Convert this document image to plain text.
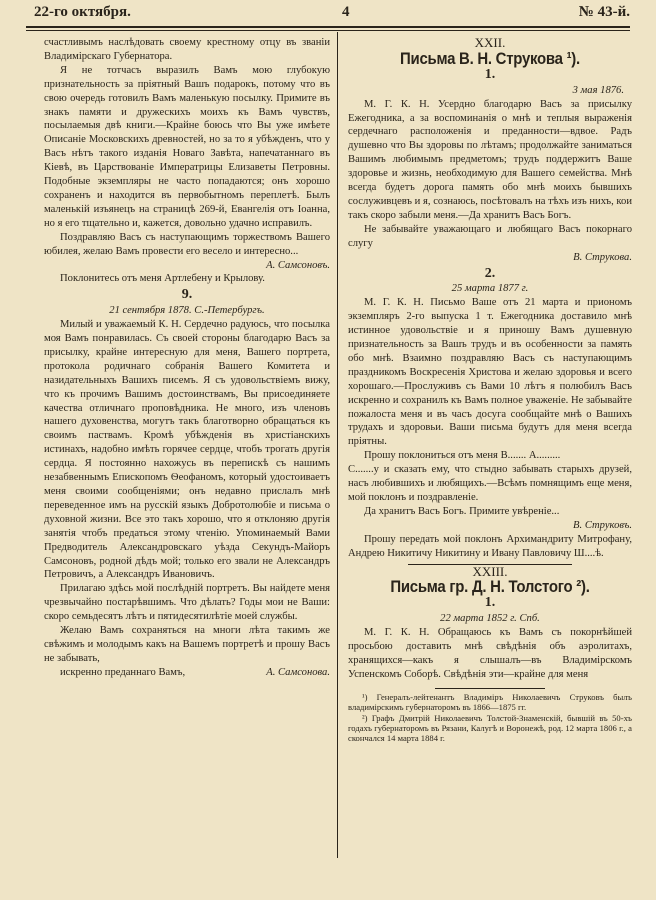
22-го октября.	4	№ 43-й.

счастливымъ наслѣдовать своему крестному отцу въ званіи Владимірскаго Губернатора.

Я не тотчасъ выразилъ Вамъ мою глубокую признательность за пріятный Вашъ подарокъ, потому что въ свою очередь готовилъ Вамъ маленькую посылку. Примите въ знакъ памяти и дружескихъ моихъ къ Вамъ чувствъ, посылаемыя двѣ книги.—Крайне боюсь что Вы уже имѣете Описаніе Московскихъ древностей, но за то я убѣжденъ, что у Васъ нѣтъ такого изданія Новаго Завѣта, напечатаннаго въ Кіевѣ, въ Царствованіе Императрицы Елизаветы Петровны. Подобные экземпляры не часто попадаются; онъ хорошо сохраненъ и находится въ первобытномъ переплетѣ. Былъ маленькій изъянецъ на страницѣ 269-й, Евангелія отъ Іоанна, но я его тщательно и, кажется, довольно удачно исправилъ.

Поздравляю Васъ съ наступающимъ торжествомъ Вашего юбилея, желаю Вамъ провести его весело и интересно...

А. Самсоновъ.

Поклонитесь отъ меня Артлебену и Крылову.

9.
21 сентября 1878. С.-Петербургъ.

Милый и уважаемый К. Н. Сердечно радуюсь, что посылка моя Вамъ понравилась. Съ своей стороны благодарю Васъ за присылку, крайне интересную для меня, Вашего портрета, протокола родичнаго собранія Вашего Комитета и назидательныхъ Вашихъ писемъ. Я съ удовольствіемъ вижу, что къ прочимъ Вашимъ достоинствамъ, Вы присоединяете качества отличнаго проповѣдника. Не много, изъ членовъ нашего духовенства, могутъ такъ благотворно обращаться къ своимъ паствамъ. Кромѣ убѣжденія въ христіанскихъ истинахъ, надобно имѣть горячее сердце, чтобъ трогать другія сердца. Я постоянно нахожусь въ перепискѣ съ нашимъ незабвеннымъ Епископомъ Ѳеофаномъ, который удостоиваетъ меня своими сообщеніями; онъ недавно прислалъ мнѣ переведенное имъ на русскій языкъ Добротолюбіе и письма о духовной жизни. Все это такъ хорошо, что я отклоняю другія занятія чтобъ предаться этому чтенію. Упоминаемый Вами Предводитель Александровскаго уѣзда Секундъ-Майоръ Самсоновъ, родной дѣдъ мой; только его звали не Александръ Петровичъ, а Александръ Ивановичъ.

Прилагаю здѣсь мой послѣдній портретъ. Вы найдете меня чрезвычайно постарѣвшимъ. Что дѣлать? Годы мои не Ваши: скоро семьдесятъ лѣтъ и пятидесятилѣтіе моей службы.

Желаю Вамъ сохраняться на многи лѣта такимъ же свѣжимъ и молодымъ какъ на Вашемъ портретѣ и прошу Васъ не забывать,

искренно преданнаго Вамъ,	А. Самсонова.
XXII.
Письма В. Н. Струкова ¹).
1.
3 мая 1876.

М. Г. К. Н. Усердно благодарю Васъ за присылку Ежегодника, а за воспоминанія о мнѣ и теплыя выраженія сердечнаго расположенія и преданности—вдвое. Радъ душевно что Вы здоровы по лѣтамъ; продолжайте заниматься Вашимъ любимымъ предметомъ; трудъ поддержитъ Ваше здоровье и жизнь, необходимую для Вашего семейства. Мнѣ всегда будетъ дорога память обо мнѣ моихъ бывшихъ сослуживцевъ и я, сознаюсь, посѣтовалъ на тѣхъ изъ нихъ, кои такъ скоро забыли меня.—Да хранитъ Васъ Богъ.

Не забывайте уважающаго и любящаго Васъ покорнаго слугу

В. Струкова.
2.
25 марта 1877 г.

М. Г. К. Н. Письмо Ваше отъ 21 марта и приономъ экземпляръ 2-го выпуска 1 т. Ежегодника доставило мнѣ истинное удовольствіе и я приношу Вамъ душевную признательность за Вашъ трудъ и въ особенности за память обо мнѣ. Взаимно поздравляю Васъ съ наступающимъ праздникомъ Воскресенія Христова и желаю здоровья и всего хорошаго.—Прослуживъ съ Вами 10 лѣтъ я полюбилъ Васъ искренно и сохранилъ къ Вамъ полное уваженіе. Не забывайте пожалоста меня и въ часъ досуга сообщайте мнѣ о Вашихъ трудахъ и здоровьи. Ваши письма будутъ для меня всегда пріятны.

Прошу поклониться отъ меня В....... А.........

С.......у и сказать ему, что стыдно забывать старыхъ друзей, насъ любившихъ и любящихъ.—Всѣмъ помнящимъ еще меня, мой поклонъ и поздравленіе.

Да хранитъ Васъ Богъ. Примите увѣреніе...

В. Струковъ.

Прошу передать мой поклонъ Архимандриту Митрофану, Андрею Никитичу Никитину и Ивану Павловичу Ш....ѣ.

XXIII.
Письма гр. Д. Н. Толстого ²).
1.
22 марта 1852 г. Спб.

М. Г. К. Н. Обращаюсь къ Вамъ съ покорнѣйшей просьбою доставить мнѣ свѣдѣнія объ аэролитахъ, хранящихся—какъ я слышалъ—въ Владимірскомъ Успенскомъ Соборѣ. Свѣдѣнія эти—крайне для меня

¹) Генералъ-лейтенантъ Владиміръ Николаевичъ Струковъ былъ владимірскимъ губернаторомъ въ 1866—1875 гг.
²) Графъ Дмитрій Николаевичъ Толстой-Знаменскій, бывшій въ 50-хъ годахъ губернаторомъ въ Рязани, Калугѣ и Воронежѣ, род. 12 марта 1806 г., а скончался 14 марта 1884 г.
